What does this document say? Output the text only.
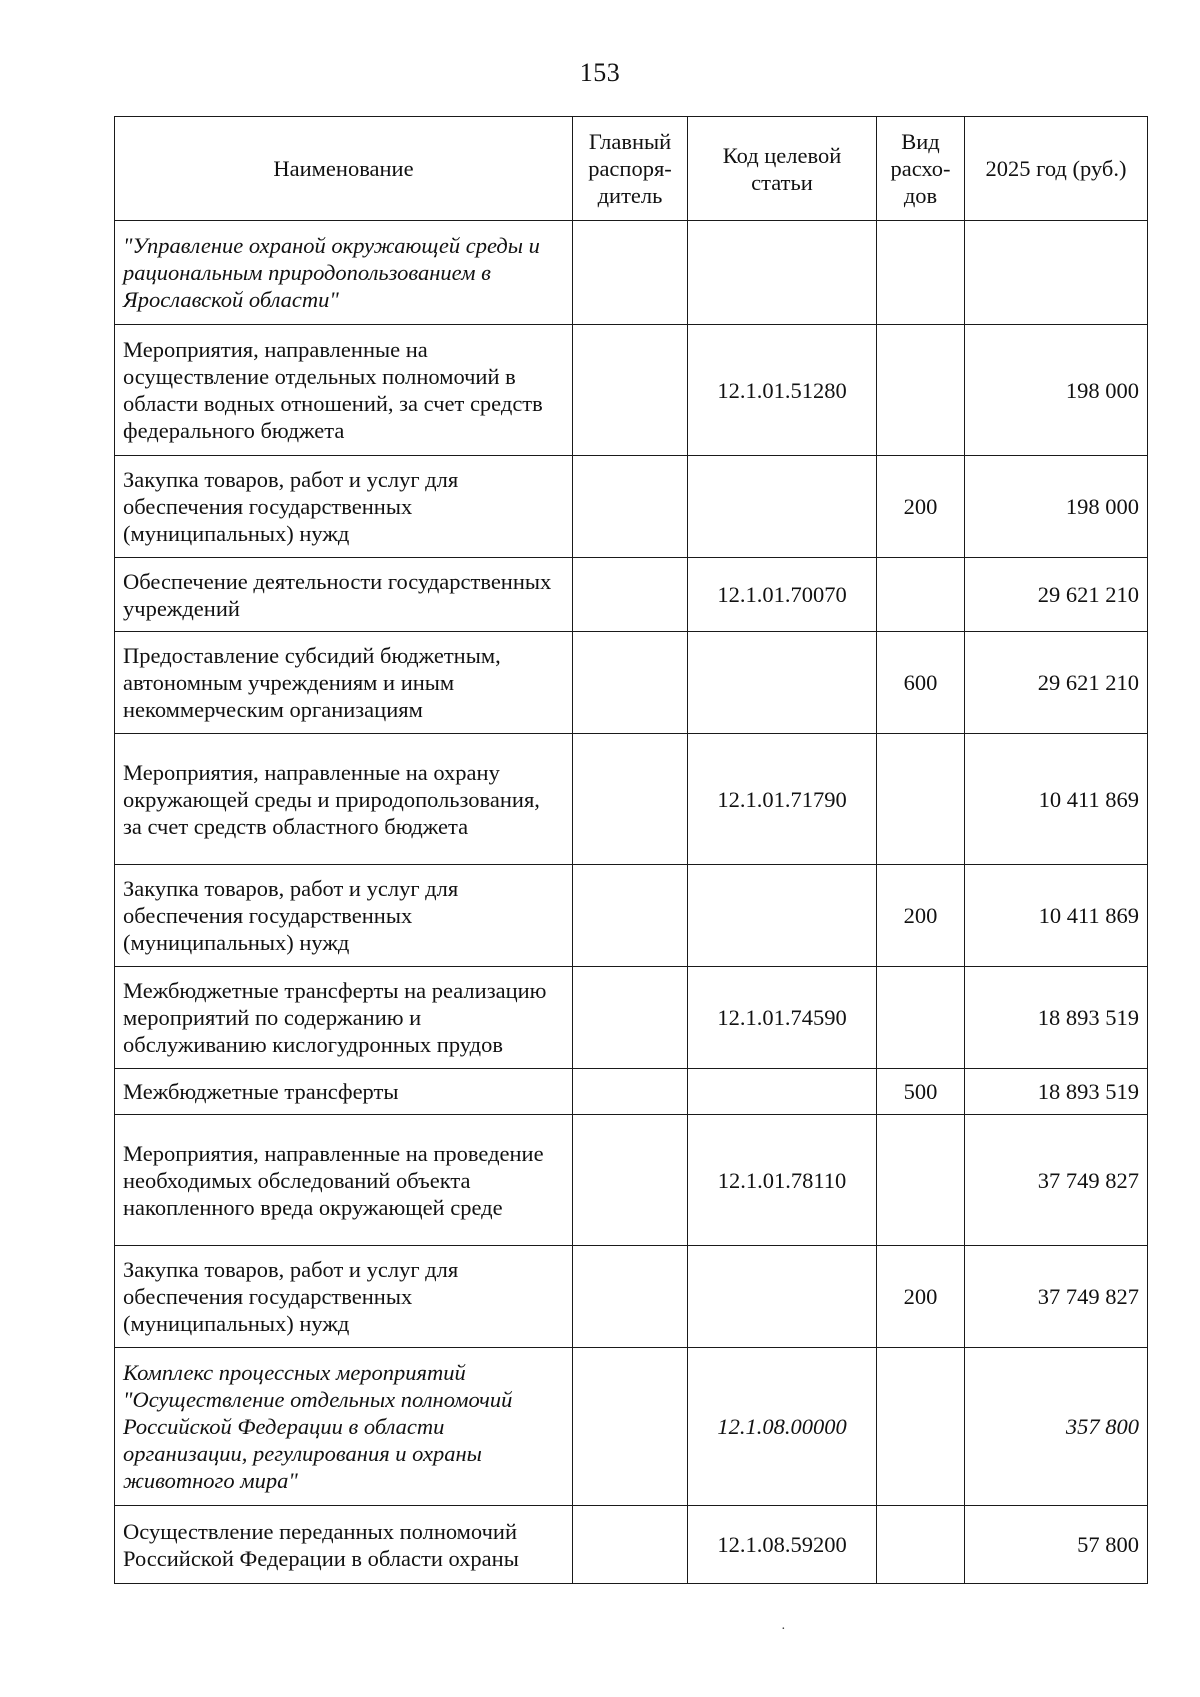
153
Наименование	Главный распоря-дитель	Код целевой статьи	Вид расхо-дов	2025 год (руб.)
"Управление охраной окружающей среды и рациональным природопользованием в Ярославской области"				
Мероприятия, направленные на осуществление отдельных полномочий в области водных отношений, за счет средств федерального бюджета		12.1.01.51280		198 000
Закупка товаров, работ и услуг для обеспечения государственных (муниципальных) нужд			200	198 000
Обеспечение деятельности государственных учреждений		12.1.01.70070		29 621 210
Предоставление субсидий бюджетным, автономным учреждениям и иным некоммерческим организациям			600	29 621 210
Мероприятия, направленные на охрану окружающей среды и природопользования, за счет средств областного бюджета		12.1.01.71790		10 411 869
Закупка товаров, работ и услуг для обеспечения государственных (муниципальных) нужд			200	10 411 869
Межбюджетные трансферты на реализацию мероприятий по содержанию и обслуживанию кислогудронных прудов		12.1.01.74590		18 893 519
Межбюджетные трансферты			500	18 893 519
Мероприятия, направленные на проведение необходимых обследований объекта накопленного вреда окружающей среде		12.1.01.78110		37 749 827
Закупка товаров, работ и услуг для обеспечения государственных (муниципальных) нужд			200	37 749 827
Комплекс процессных мероприятий "Осуществление отдельных полномочий Российской Федерации в области организации, регулирования и охраны животного мира"		12.1.08.00000		357 800
Осуществление переданных полномочий Российской Федерации в области охраны		12.1.08.59200		57 800
·
